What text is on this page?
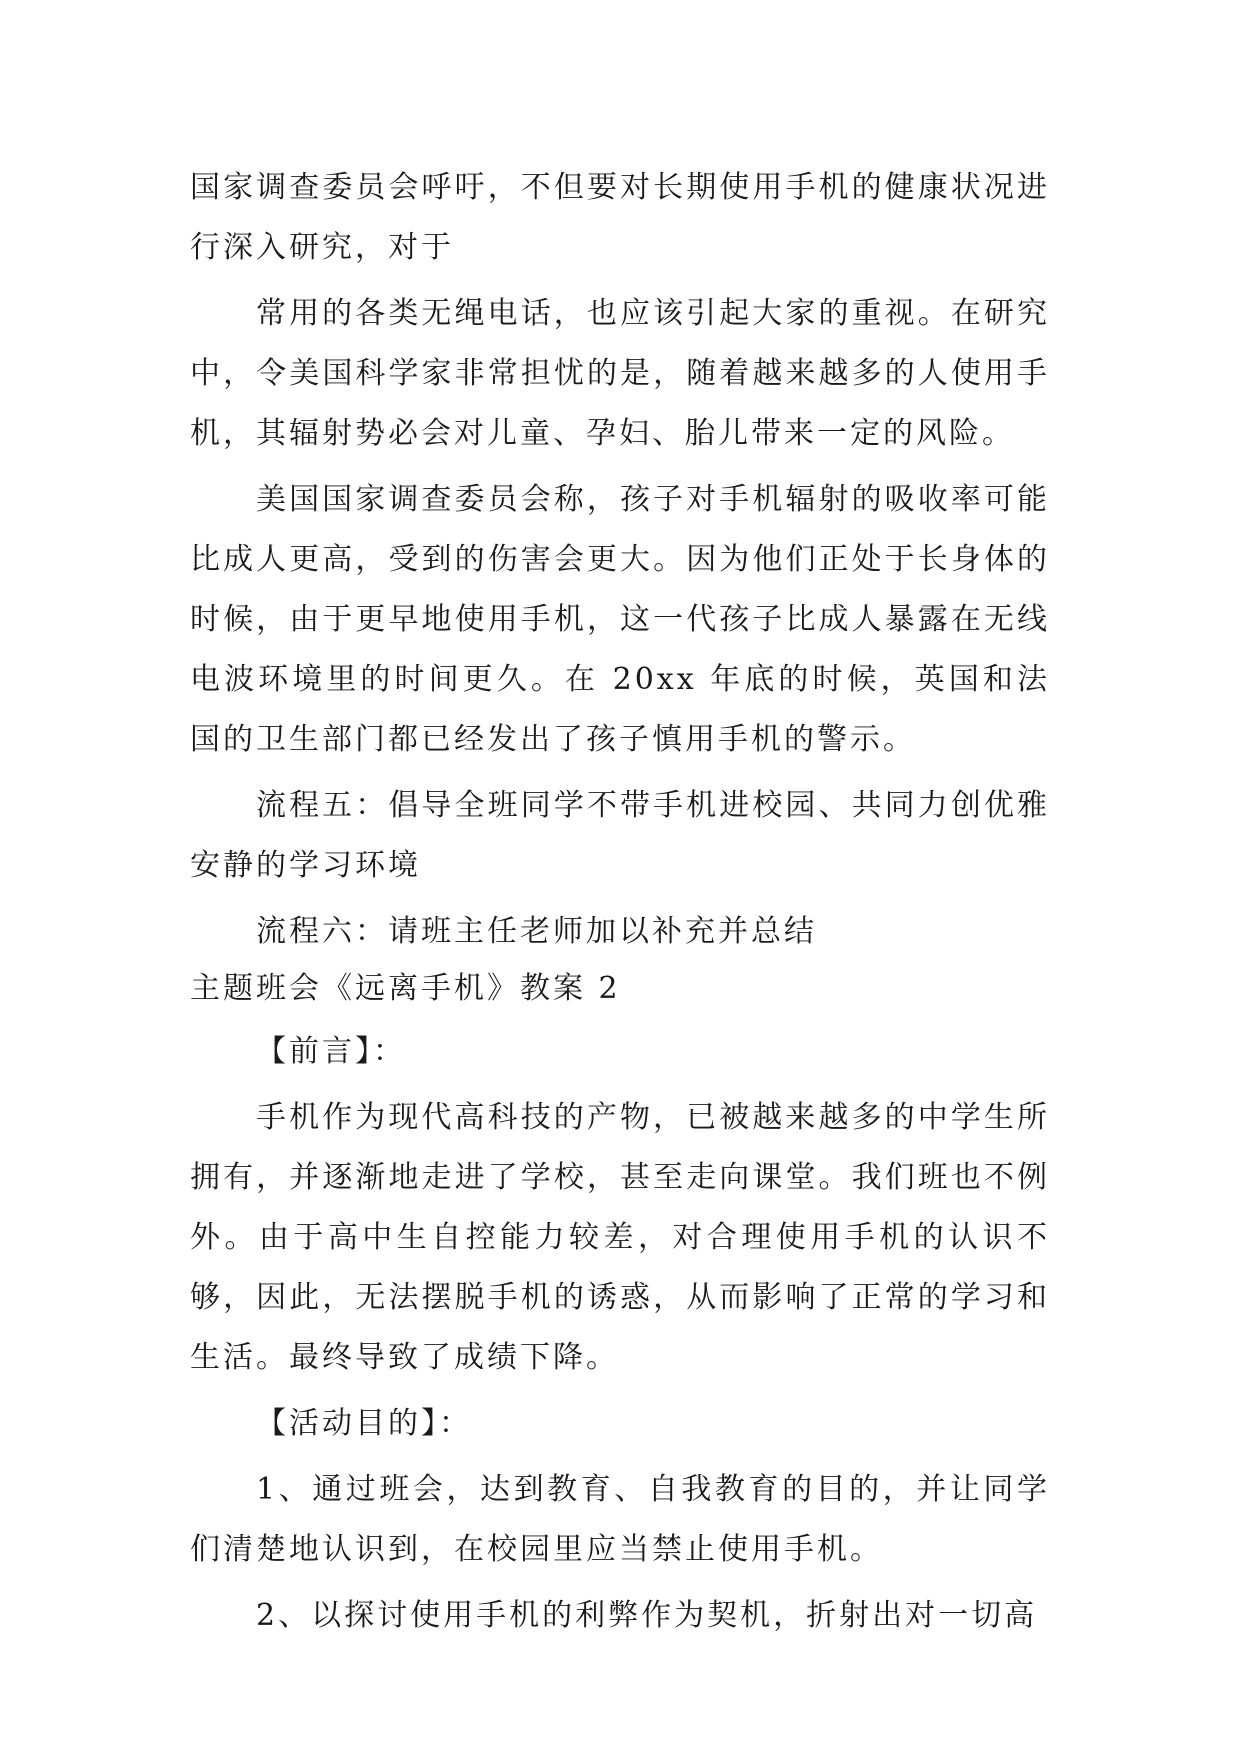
国家调查委员会呼吁，不但要对长期使用手机的健康状况进行深入研究，对于

常用的各类无绳电话，也应该引起大家的重视。在研究中，令美国科学家非常担忧的是，随着越来越多的人使用手机，其辐射势必会对儿童、孕妇、胎儿带来一定的风险。

美国国家调查委员会称，孩子对手机辐射的吸收率可能比成人更高，受到的伤害会更大。因为他们正处于长身体的时候，由于更早地使用手机，这一代孩子比成人暴露在无线电波环境里的时间更久。在 20xx 年底的时候，英国和法国的卫生部门都已经发出了孩子慎用手机的警示。

流程五：倡导全班同学不带手机进校园、共同力创优雅安静的学习环境

流程六：请班主任老师加以补充并总结

主题班会《远离手机》教案 2

【前言】：

手机作为现代高科技的产物，已被越来越多的中学生所拥有，并逐渐地走进了学校，甚至走向课堂。我们班也不例外。由于高中生自控能力较差，对合理使用手机的认识不够，因此，无法摆脱手机的诱惑，从而影响了正常的学习和生活。最终导致了成绩下降。

【活动目的】：

1、通过班会，达到教育、自我教育的目的，并让同学们清楚地认识到，在校园里应当禁止使用手机。

2、以探讨使用手机的利弊作为契机，折射出对一切高
